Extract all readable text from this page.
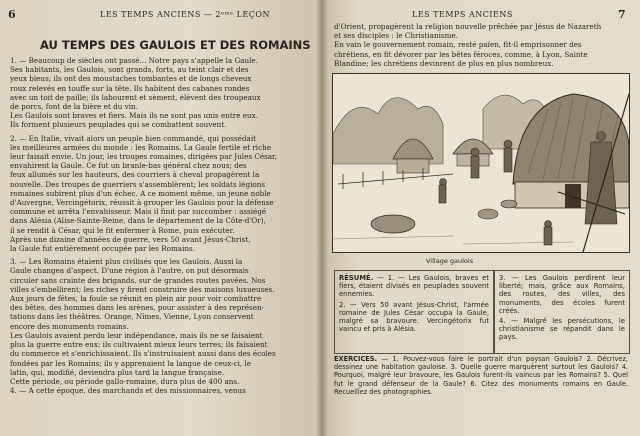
6	LES TEMPS ANCIENS — 2ᵉᵐᵉ LEÇON
AU TEMPS DES GAULOIS ET DES ROMAINS
1. — Beaucoup de siècles ont passé... Notre pays s'appelle la Gaule.
Ses habitants, les Gaulois, sont grands, forts, au teint clair et des
yeux bleus; ils ont des moustaches tombantes et de longs cheveux
roux relevés en touffe sur la tête. Ils habitent des cabanes rondes
avec un toit de paille; ils labourent et sèment, élèvent des troupeaux
de porcs, font de la bière et du vin.
Les Gaulois sont braves et fiers. Mais ils ne sont pas unis entre eux.
Ils forment plusieurs peuplades qui se combattent souvent.
2. — En Italie, vivait alors un peuple bien commandé, qui possédait
les meilleures armées du monde : les Romains. La Gaule fertile et riche
leur faisait envie. Un jour, les troupes romaines, dirigées par Jules César,
envahirent la Gaule. Ce fut un branle-bas général chez nous; des
feux allumés sur les hauteurs, des courriers à cheval propagèrent la
nouvelle. Des troupes de guerriers s'assemblèrent; les soldats légions
romaines subirent plus d'un échec. A ce moment même, un jeune noble
d'Auvergne, Vercingétorix, réussit à grouper les Gaulois pour la défense
commune et arrêta l'envahisseur. Mais il finit par succomber : assiégé
dans Alésia (Alise-Sainte-Reine, dans le département de la Côte-d'Or),
il se rendit à César, qui le fit enfermer à Rome, puis exécuter.
Après une dizaine d'années de guerre, vers 50 avant Jésus-Christ,
la Gaule fut entièrement occupée par les Romains.
3. — Les Romains étaient plus civilisés que les Gaulois. Aussi la
Gaule changea d'aspect. D'une région à l'autre, on put désormais
circuler sans crainte des brigands, sur de grandes routes pavées. Nos
villes s'embellirent; les riches y firent construire des maisons luxueuses.
Aux jours de fêtes, la foule se réunit en plein air pour voir combattre
des bêtes, des hommes dans les arènes, pour assister à des représen-
tations dans les théâtres. Orange, Nîmes, Vienne, Lyon conservent
encore des monuments romains.
Les Gaulois avaient perdu leur indépendance, mais ils ne se faisaient
plus la guerre entre eux; ils cultivaient mieux leurs terres; ils faisaient
du commerce et s'enrichissaient. Ils s'instruisaient aussi dans des écoles
fondées par les Romains; ils y apprenaient la langue de ceux-ci, le
latin, qui, modifié, deviendra plus tard la langue française.
Cette période, ou période gallo-romaine, dura plus de 400 ans.
4. — A cette époque, des marchands et des missionnaires, venus
LES TEMPS ANCIENS	7
d'Orient, propagèrent la religion nouvelle prêchée par Jésus de Nazareth
et ses disciples : le Christianisme.
En vain le gouvernement romain, resté païen, fit-il emprisonner des
chrétiens, en fit dévorer par les bêtes féroces, comme, à Lyon, Sainte
Blandine; les chrétiens devinrent de plus en plus nombreux.
Village gaulois

RÉSUMÉ. — 1. — Les Gaulois, braves et fiers, étaient divisés en peuplades souvent ennemies.

2. — Vers 50 avant Jésus-Christ, l'armée romaine de Jules César occupa la Gaule, malgré sa bravoure. Vercingétorix fut vaincu et pris à Alésia.

3. — Les Gaulois perdirent leur liberté; mais, grâce aux Romains, des routes, des villes, des monuments, des écoles furent créés.

4. — Malgré les persécutions, le christianisme se répandit dans le pays.

EXERCICES. — 1. Pouvez-vous faire le portrait d'un paysan Gaulois? 2. Décrivez, dessinez une habitation gauloise. 3. Quelle guerre marquèrent surtout les Gaulois? 4. Pourquoi, malgré leur bravoure, les Gaulois furent-ils vaincus par les Romains? 5. Quel fut le grand défenseur de la Gaule? 6. Citez des monuments romains en Gaule. Recueillez des photographies.
